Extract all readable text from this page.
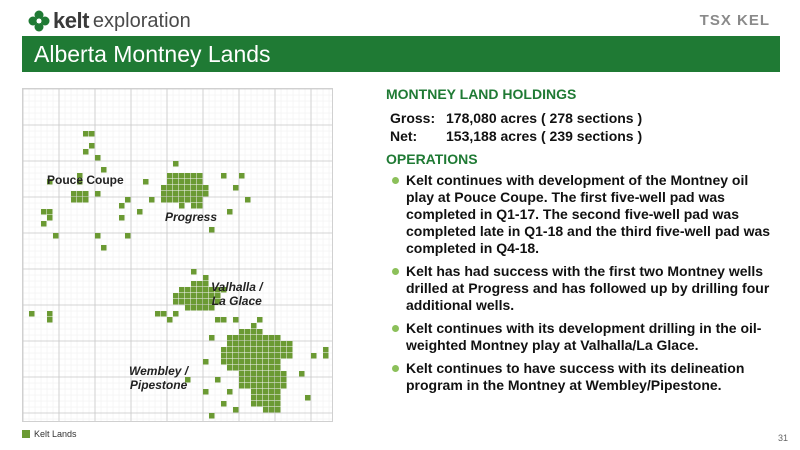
kelt exploration	TSX KEL
Alberta Montney Lands
Pouce Coupe
Progress
Valhalla /
La Glace
Wembley /
Pipestone
Kelt Lands

MONTNEY LAND HOLDINGS

Gross: 178,080 acres ( 278 sections )
Net:	153,188 acres ( 239 sections )

OPERATIONS

Kelt continues with development of the Montney oil play at Pouce Coupe. The first five-well pad was completed in Q1-17. The second five-well pad was completed late in Q1-18 and the third five-well pad was completed in Q4-18.
Kelt has had success with the first two Montney wells drilled at Progress and has followed up by drilling four additional wells.
Kelt continues with its development drilling in the oil-weighted Montney play at Valhalla/La Glace.
Kelt continues to have success with its delineation program in the Montney at Wembley/Pipestone.
31
